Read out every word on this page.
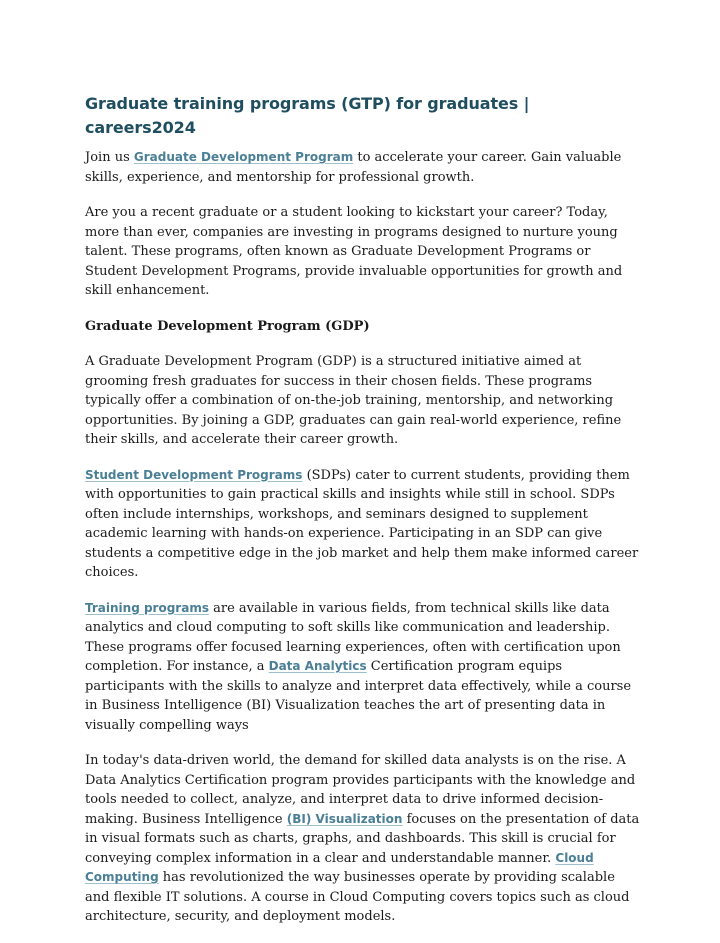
Graduate training programs (GTP) for graduates | careers2024

Join us Graduate Development Program to accelerate your career. Gain valuable skills, experience, and mentorship for professional growth.

Are you a recent graduate or a student looking to kickstart your career? Today, more than ever, companies are investing in programs designed to nurture young talent. These programs, often known as Graduate Development Programs or Student Development Programs, provide invaluable opportunities for growth and skill enhancement.

Graduate Development Program (GDP)

A Graduate Development Program (GDP) is a structured initiative aimed at grooming fresh graduates for success in their chosen fields. These programs typically offer a combination of on-the-job training, mentorship, and networking opportunities. By joining a GDP, graduates can gain real-world experience, refine their skills, and accelerate their career growth.

Student Development Programs (SDPs) cater to current students, providing them with opportunities to gain practical skills and insights while still in school. SDPs often include internships, workshops, and seminars designed to supplement academic learning with hands-on experience. Participating in an SDP can give students a competitive edge in the job market and help them make informed career choices.

Training programs are available in various fields, from technical skills like data analytics and cloud computing to soft skills like communication and leadership. These programs offer focused learning experiences, often with certification upon completion. For instance, a Data Analytics Certification program equips participants with the skills to analyze and interpret data effectively, while a course in Business Intelligence (BI) Visualization teaches the art of presenting data in visually compelling ways

In today's data-driven world, the demand for skilled data analysts is on the rise. A Data Analytics Certification program provides participants with the knowledge and tools needed to collect, analyze, and interpret data to drive informed decision-making. Business Intelligence (BI) Visualization focuses on the presentation of data in visual formats such as charts, graphs, and dashboards. This skill is crucial for conveying complex information in a clear and understandable manner. Cloud Computing has revolutionized the way businesses operate by providing scalable and flexible IT solutions. A course in Cloud Computing covers topics such as cloud architecture, security, and deployment models.
